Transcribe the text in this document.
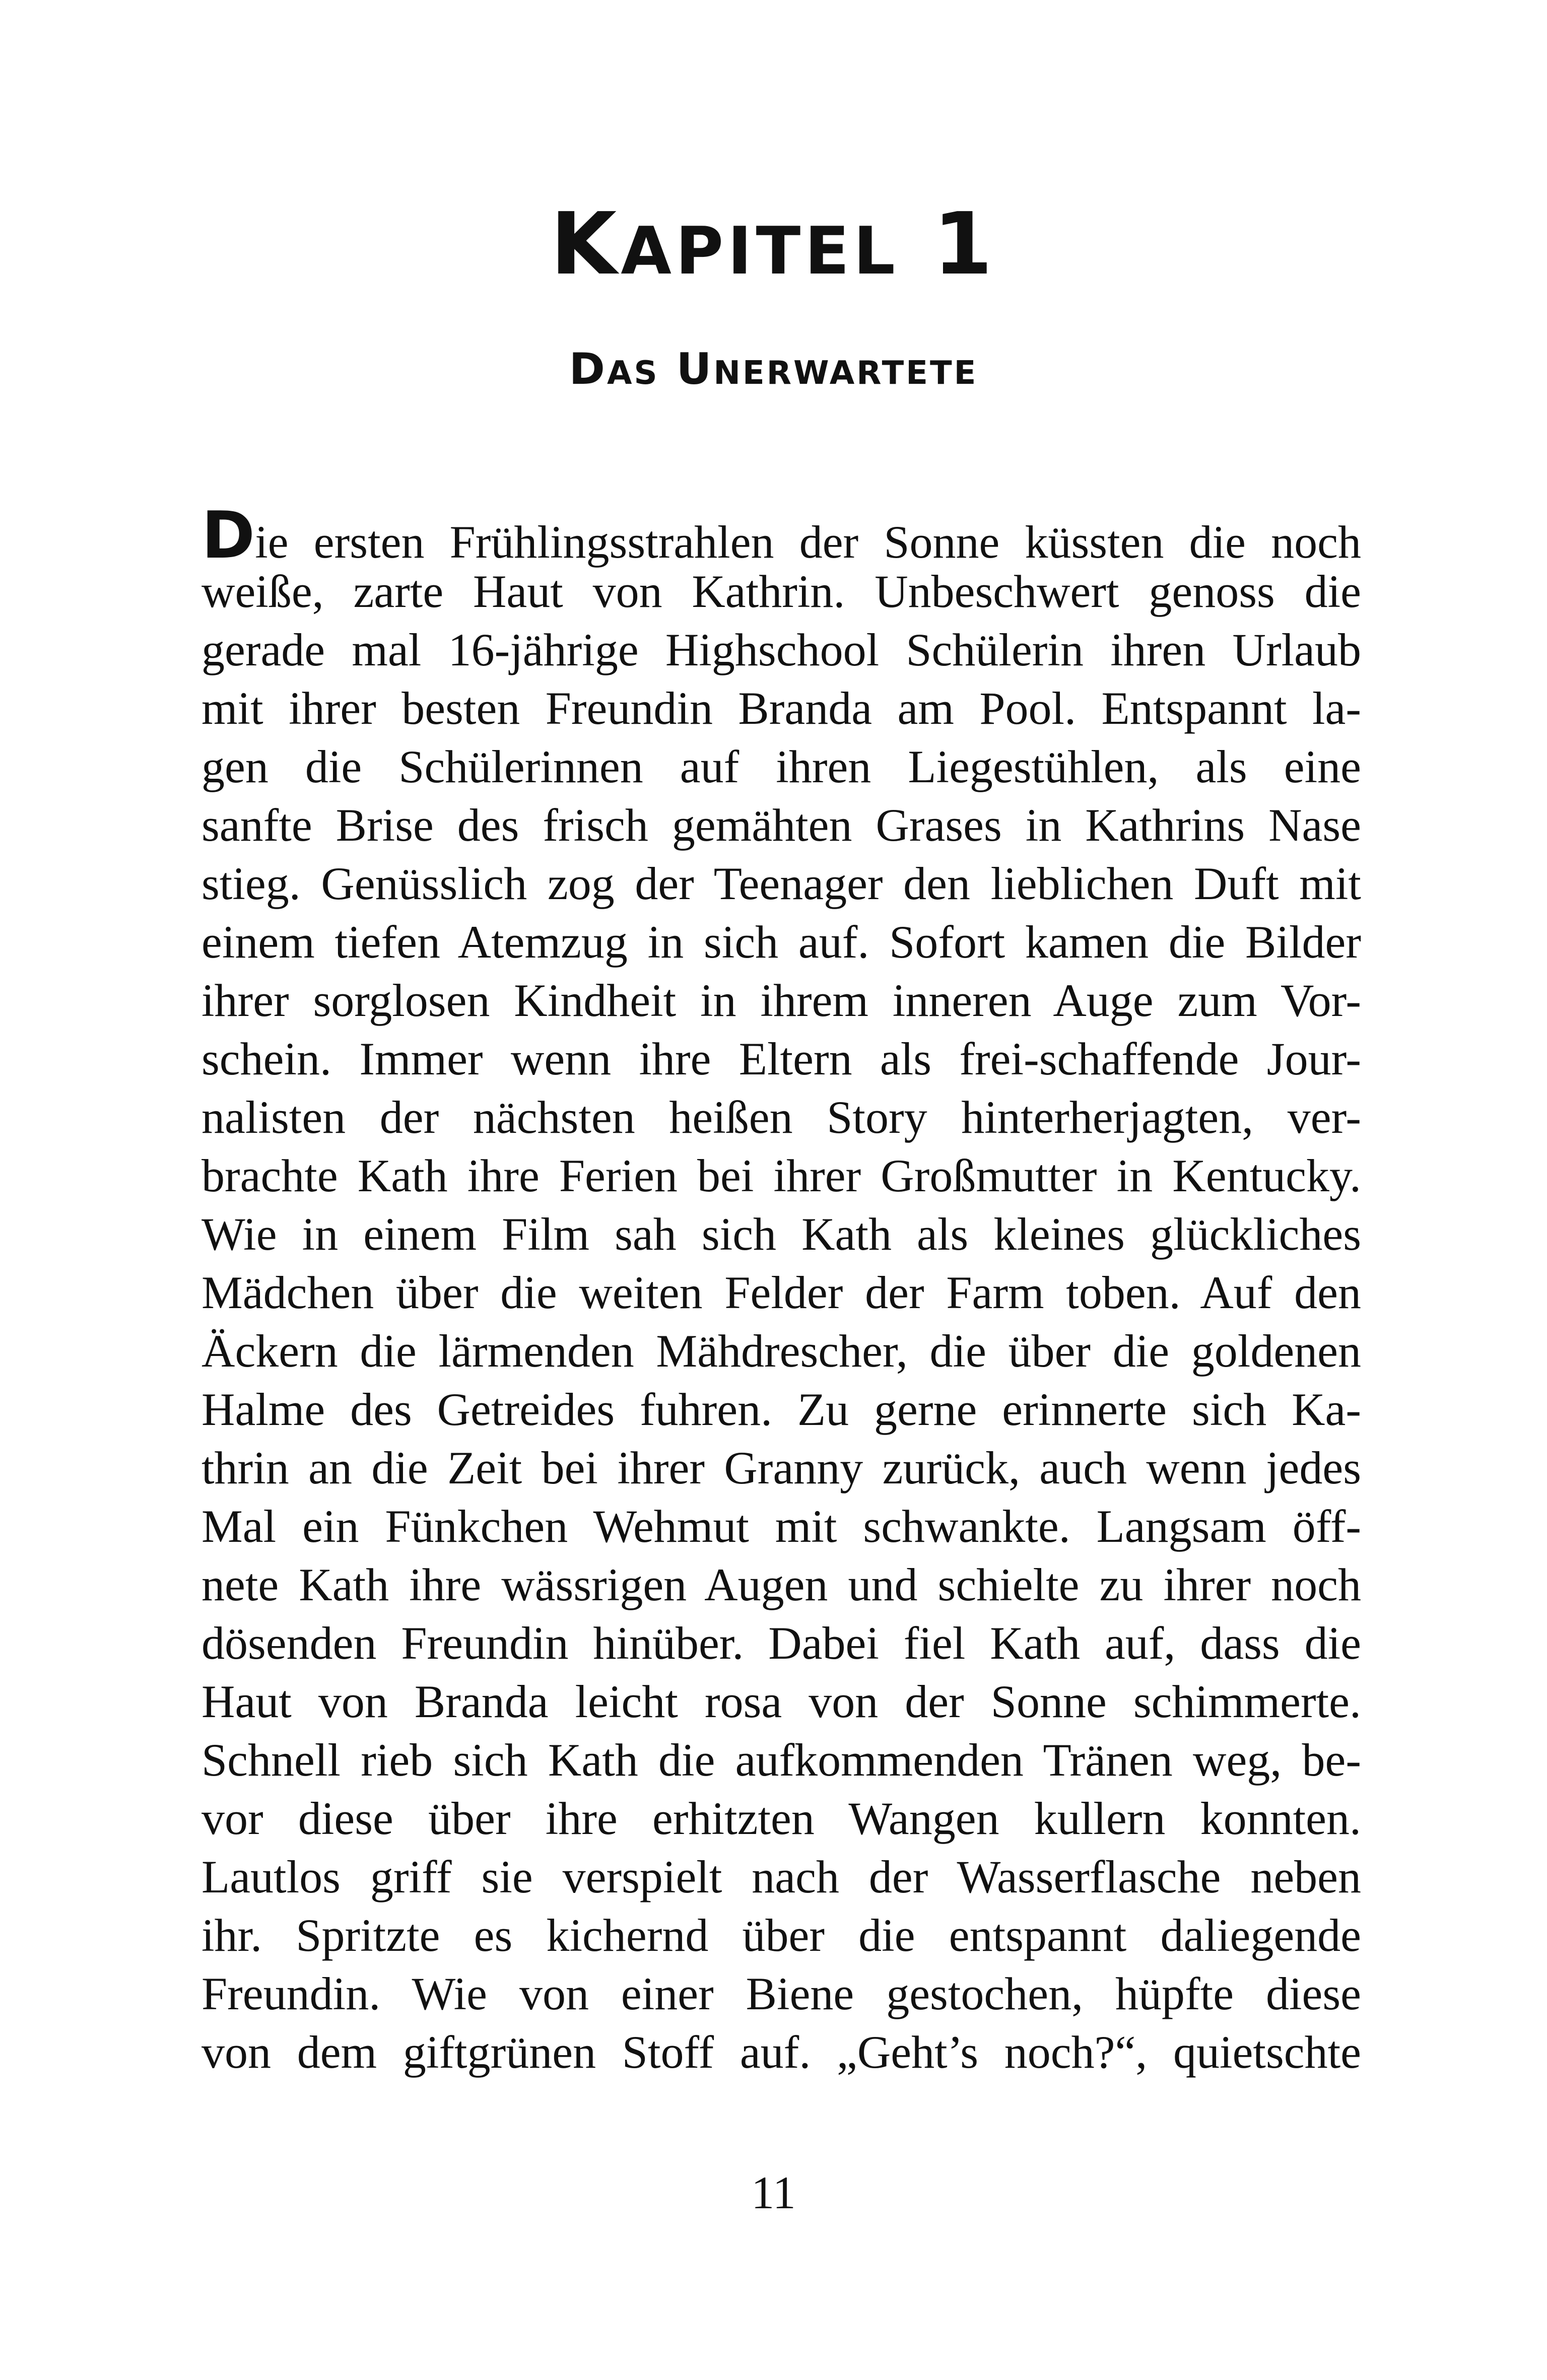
KAPITEL 1
DAS UNERWARTETE
Die ersten Frühlingsstrahlen der Sonne küssten die noch
weiße, zarte Haut von Kathrin. Unbeschwert genoss die
gerade mal 16-jährige Highschool Schülerin ihren Urlaub
mit ihrer besten Freundin Branda am Pool. Entspannt la-
gen die Schülerinnen auf ihren Liegestühlen, als eine
sanfte Brise des frisch gemähten Grases in Kathrins Nase
stieg. Genüsslich zog der Teenager den lieblichen Duft mit
einem tiefen Atemzug in sich auf. Sofort kamen die Bilder
ihrer sorglosen Kindheit in ihrem inneren Auge zum Vor-
schein. Immer wenn ihre Eltern als frei-schaffende Jour-
nalisten der nächsten heißen Story hinterherjagten, ver-
brachte Kath ihre Ferien bei ihrer Großmutter in Kentucky.
Wie in einem Film sah sich Kath als kleines glückliches
Mädchen über die weiten Felder der Farm toben. Auf den
Äckern die lärmenden Mähdrescher, die über die goldenen
Halme des Getreides fuhren. Zu gerne erinnerte sich Ka-
thrin an die Zeit bei ihrer Granny zurück, auch wenn jedes
Mal ein Fünkchen Wehmut mit schwankte. Langsam öff-
nete Kath ihre wässrigen Augen und schielte zu ihrer noch
dösenden Freundin hinüber. Dabei fiel Kath auf, dass die
Haut von Branda leicht rosa von der Sonne schimmerte.
Schnell rieb sich Kath die aufkommenden Tränen weg, be-
vor diese über ihre erhitzten Wangen kullern konnten.
Lautlos griff sie verspielt nach der Wasserflasche neben
ihr. Spritzte es kichernd über die entspannt daliegende
Freundin. Wie von einer Biene gestochen, hüpfte diese
von dem giftgrünen Stoff auf. „Geht’s noch?“, quietschte
11
